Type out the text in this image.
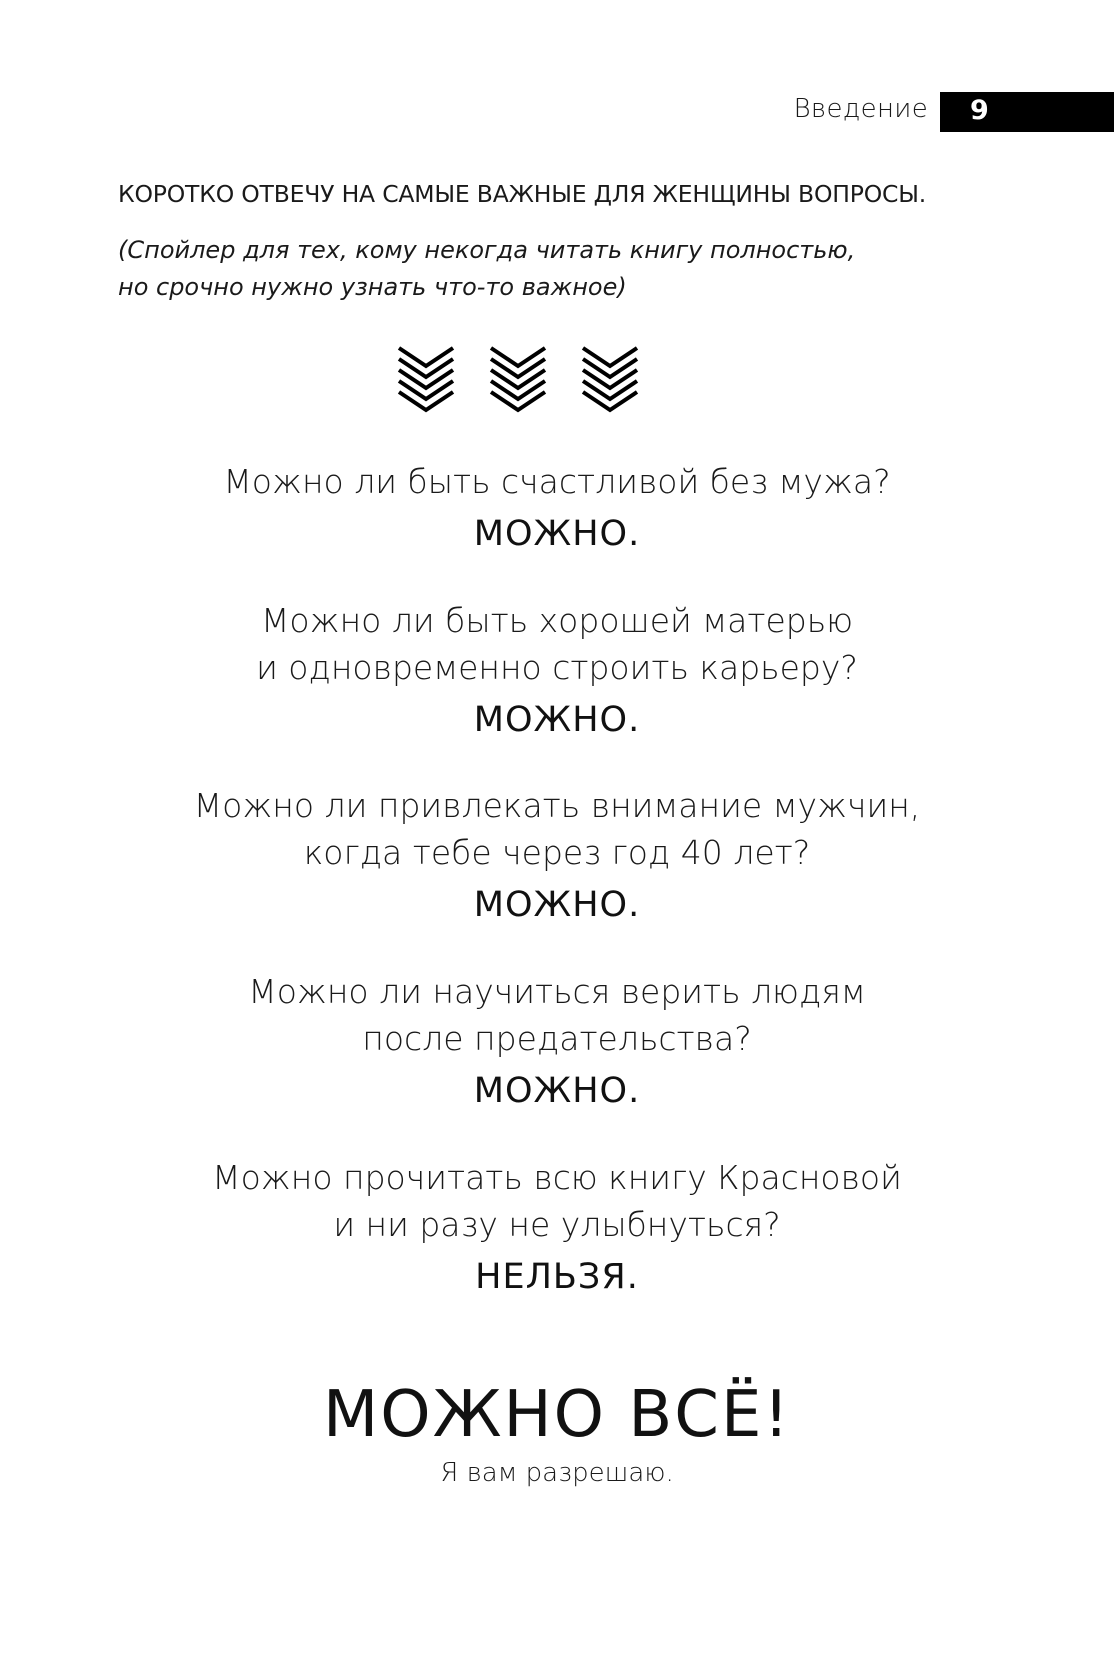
Введение 9
КОРОТКО ОТВЕЧУ НА САМЫЕ ВАЖНЫЕ ДЛЯ ЖЕНЩИНЫ ВОПРОСЫ.
(Спойлер для тех, кому некогда читать книгу полностью,
но срочно нужно узнать что-то важное)
Можно ли быть счастливой без мужа?
МОЖНО.
Можно ли быть хорошей матерью
и одновременно строить карьеру?
МОЖНО.
Можно ли привлекать внимание мужчин,
когда тебе через год 40 лет?
МОЖНО.
Можно ли научиться верить людям
после предательства?
МОЖНО.
Можно прочитать всю книгу Красновой
и ни разу не улыбнуться?
НЕЛЬЗЯ.
МОЖНО ВСЁ!
Я вам разрешаю.
